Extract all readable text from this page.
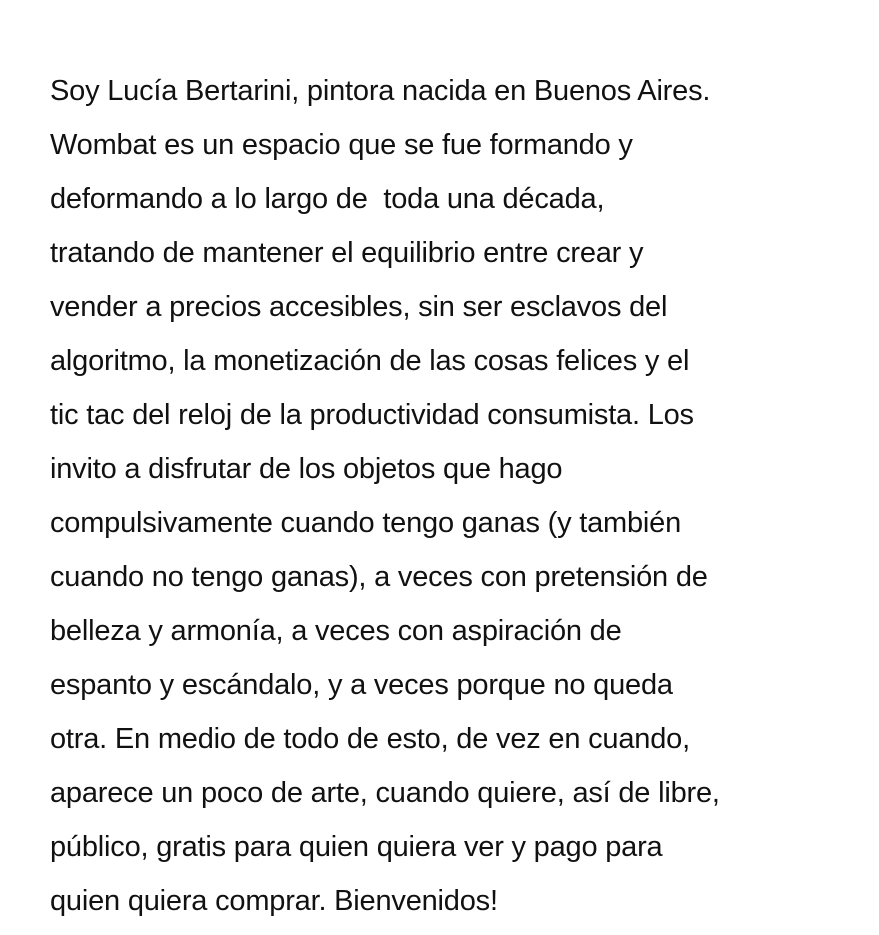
Soy Lucía Bertarini, pintora nacida en Buenos Aires.
Wombat es un espacio que se fue formando y
deformando a lo largo de  toda una década,
tratando de mantener el equilibrio entre crear y
vender a precios accesibles, sin ser esclavos del
algoritmo, la monetización de las cosas felices y el
tic tac del reloj de la productividad consumista. Los
invito a disfrutar de los objetos que hago
compulsivamente cuando tengo ganas (y también
cuando no tengo ganas), a veces con pretensión de
belleza y armonía, a veces con aspiración de
espanto y escándalo, y a veces porque no queda
otra. En medio de todo de esto, de vez en cuando,
aparece un poco de arte, cuando quiere, así de libre,
público, gratis para quien quiera ver y pago para
quien quiera comprar. Bienvenidos!
